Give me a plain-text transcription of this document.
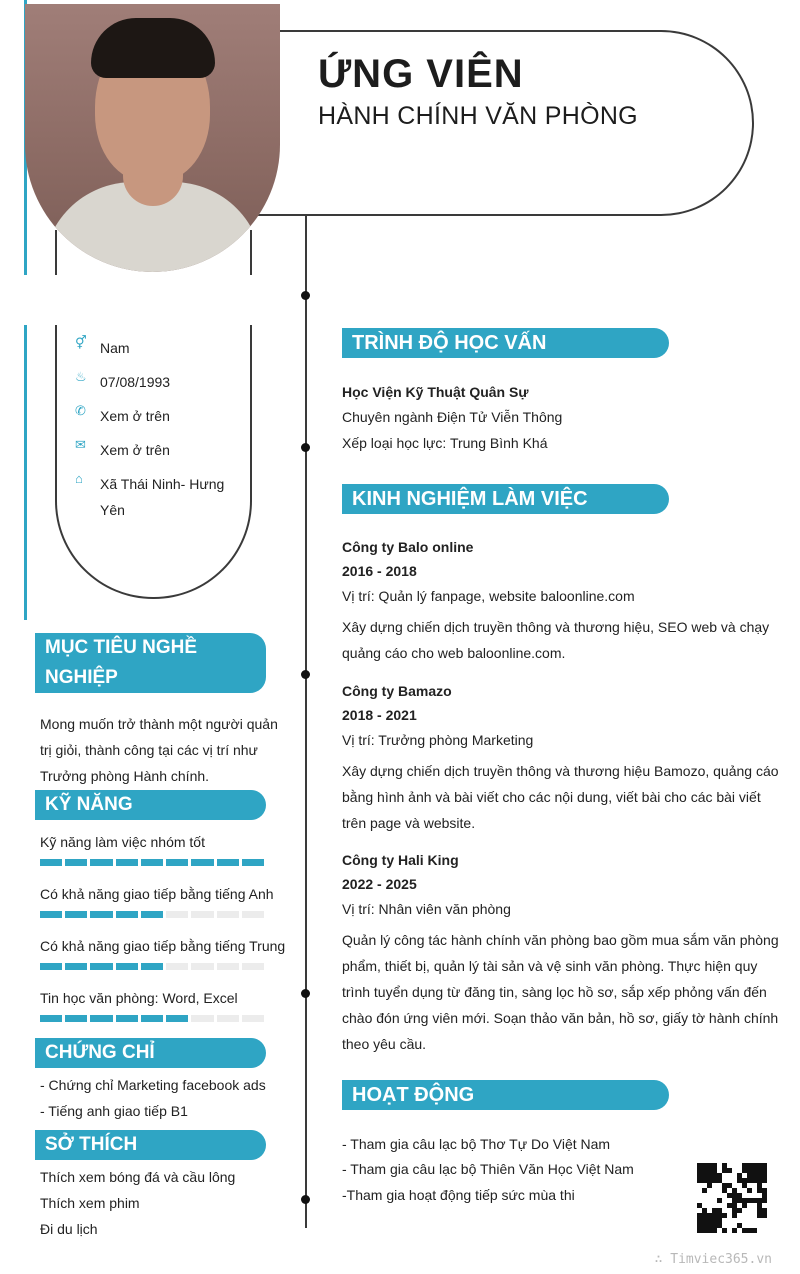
ỨNG VIÊN
HÀNH CHÍNH VĂN PHÒNG
⚥ Nam
♨ 07/08/1993
✆	Xem ở trên
✉	Xem ở trên
⌂	Xã Thái Ninh- Hưng
Yên
MỤC TIÊU NGHỀ
NGHIỆP
Mong muốn trở thành một người quản
trị giỏi, thành công tại các vị trí như
Trưởng phòng Hành chính.
KỸ NĂNG
Kỹ năng làm việc nhóm tốt
Có khả năng giao tiếp bằng tiếng Anh
Có khả năng giao tiếp bằng tiếng Trung
Tin học văn phòng: Word, Excel
CHỨNG CHỈ
- Chứng chỉ Marketing facebook ads
- Tiếng anh giao tiếp B1
SỞ THÍCH
Thích xem bóng đá và cầu lông
Thích xem phim
Đi du lịch
TRÌNH ĐỘ HỌC VẤN
Học Viện Kỹ Thuật Quân Sự
Chuyên ngành Điện Tử Viễn Thông
Xếp loại học lực: Trung Bình Khá
KINH NGHIỆM LÀM VIỆC
Công ty Balo online
2016 - 2018
Vị trí: Quản lý fanpage, website baloonline.com
Xây dựng chiến dịch truyền thông và thương hiệu, SEO web và chạy
quảng cáo cho web baloonline.com.
Công ty Bamazo
2018 - 2021
Vị trí: Trưởng phòng Marketing
Xây dựng chiến dịch truyền thông và thương hiệu Bamozo, quảng cáo
bằng hình ảnh và bài viết cho các nội dung, viết bài cho các bài viết
trên page và website.
Công ty Hali King
2022 - 2025
Vị trí: Nhân viên văn phòng
Quản lý công tác hành chính văn phòng bao gồm mua sắm văn phòng
phẩm, thiết bị, quản lý tài sản và vệ sinh văn phòng. Thực hiện quy
trình tuyển dụng từ đăng tin, sàng lọc hồ sơ, sắp xếp phỏng vấn đến
chào đón ứng viên mới. Soạn thảo văn bản, hồ sơ, giấy tờ hành chính
theo yêu cầu.
HOẠT ĐỘNG
- Tham gia câu lạc bộ Thơ Tự Do Việt Nam
- Tham gia câu lạc bộ Thiên Văn Học Việt Nam
-Tham gia hoạt động tiếp sức mùa thi
∴ Timviec365.vn
